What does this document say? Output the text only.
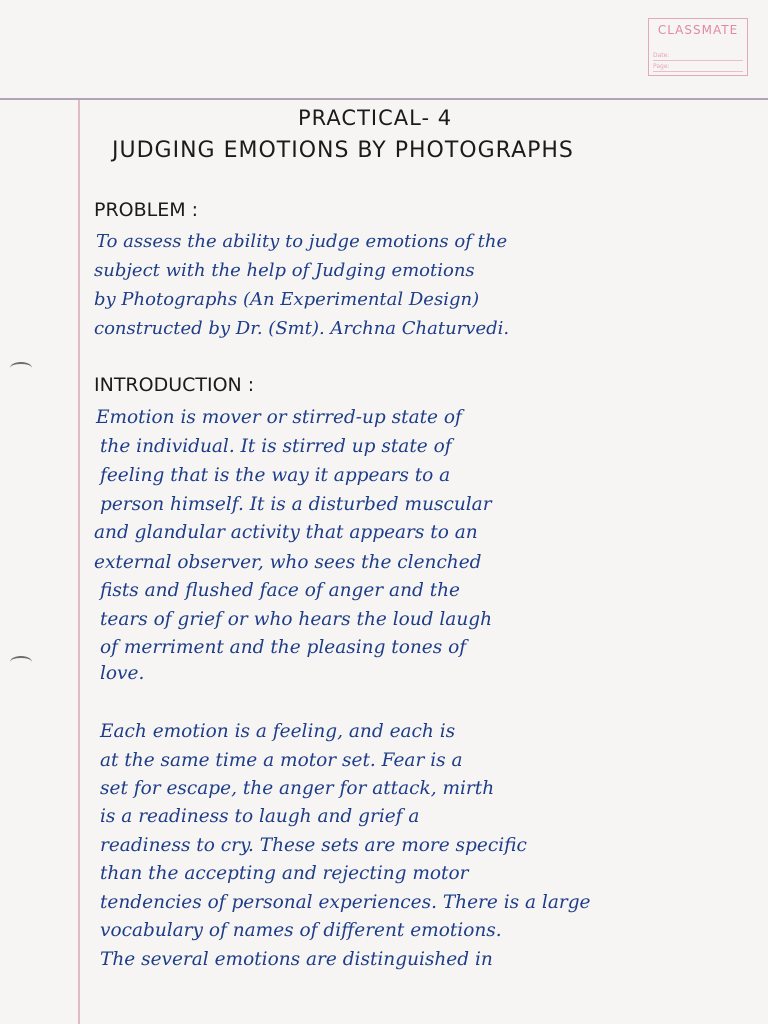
CLASSMATE
Date:
Page:
PRACTICAL- 4
JUDGING EMOTIONS BY PHOTOGRAPHS
PROBLEM :
To assess the ability to judge emotions of the
subject with the help of Judging emotions
by Photographs (An Experimental Design)
constructed by Dr. (Smt). Archna Chaturvedi.
INTRODUCTION :
Emotion is mover or stirred-up state of
the individual. It is stirred up state of
feeling that is the way it appears to a
person himself. It is a disturbed muscular
and glandular activity that appears to an
external observer, who sees the clenched
fists and flushed face of anger and the
tears of grief or who hears the loud laugh
of merriment and the pleasing tones of
love.
Each emotion is a feeling, and each is
at the same time a motor set. Fear is a
set for escape, the anger for attack, mirth
is a readiness to laugh and grief a
readiness to cry. These sets are more specific
than the accepting and rejecting motor
tendencies of personal experiences. There is a large
vocabulary of names of different emotions.
The several emotions are distinguished in
